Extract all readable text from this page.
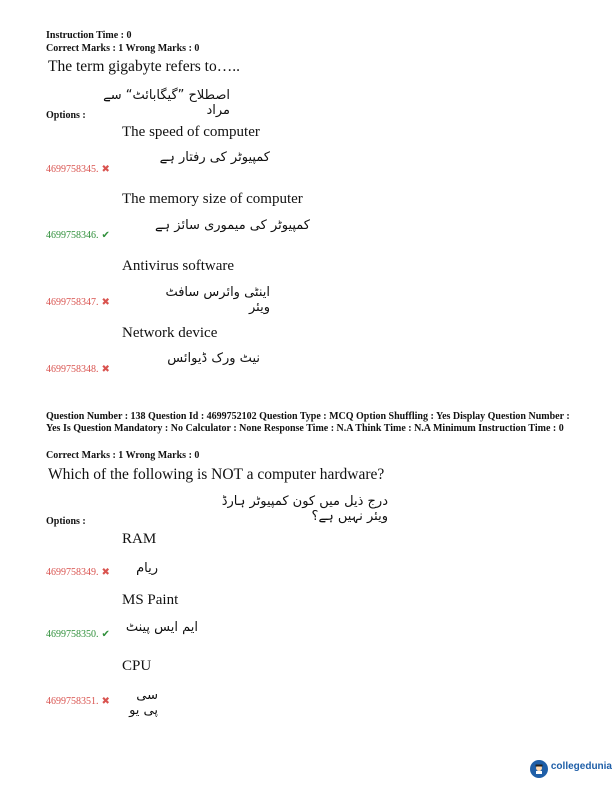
Instruction Time : 0
Correct Marks : 1 Wrong Marks : 0
The term gigabyte refers to…..
اصطلاح ”گیگابائٹ“ سے مراد
Options :
The speed of computer
کمپیوٹر کی رفتار ہے
4699758345. ✖
The memory size of computer
کمپیوٹر کی میموری سائز ہے
4699758346. ✔
Antivirus software
اینٹی وائرس سافٹ ویئر
4699758347. ✖
Network device
نیٹ ورک ڈیوائس
4699758348. ✖
Question Number : 138 Question Id : 4699752102 Question Type : MCQ Option Shuffling : Yes Display Question Number : Yes Is Question Mandatory : No Calculator : None Response Time : N.A Think Time : N.A Minimum Instruction Time : 0
Correct Marks : 1 Wrong Marks : 0
Which of the following is NOT a computer hardware?
درج ذیل میں کون کمپیوٹر ہارڈ ویئر نہیں ہے؟
Options :
RAM
ریام
4699758349. ✖
MS Paint
ایم ایس پینٹ
4699758350. ✔
CPU
سی پی یو
4699758351. ✖
collegedunia
